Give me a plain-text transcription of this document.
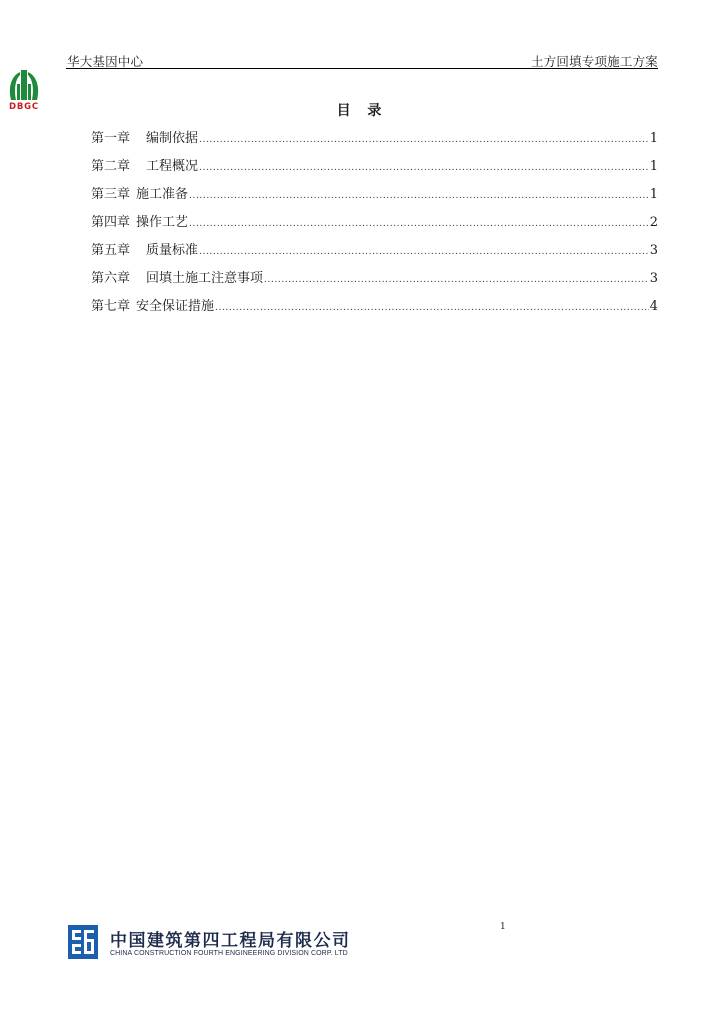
华大基因中心	土方回填专项施工方案
DBGC	目 录
第一章 编制依据 .....	1
第二章 工程概况 .....	1
第三章 施工准备 .....	1
第四章 操作工艺 .....	2
第五章 质量标准 .....	3
第六章 回填土施工注意事项 .....	3
第七章 安全保证措施 .....	4
1
中国建筑第四工程局有限公司
CHINA CONSTRUCTION FOURTH ENGINEERING DIVISION CORP. LTD
